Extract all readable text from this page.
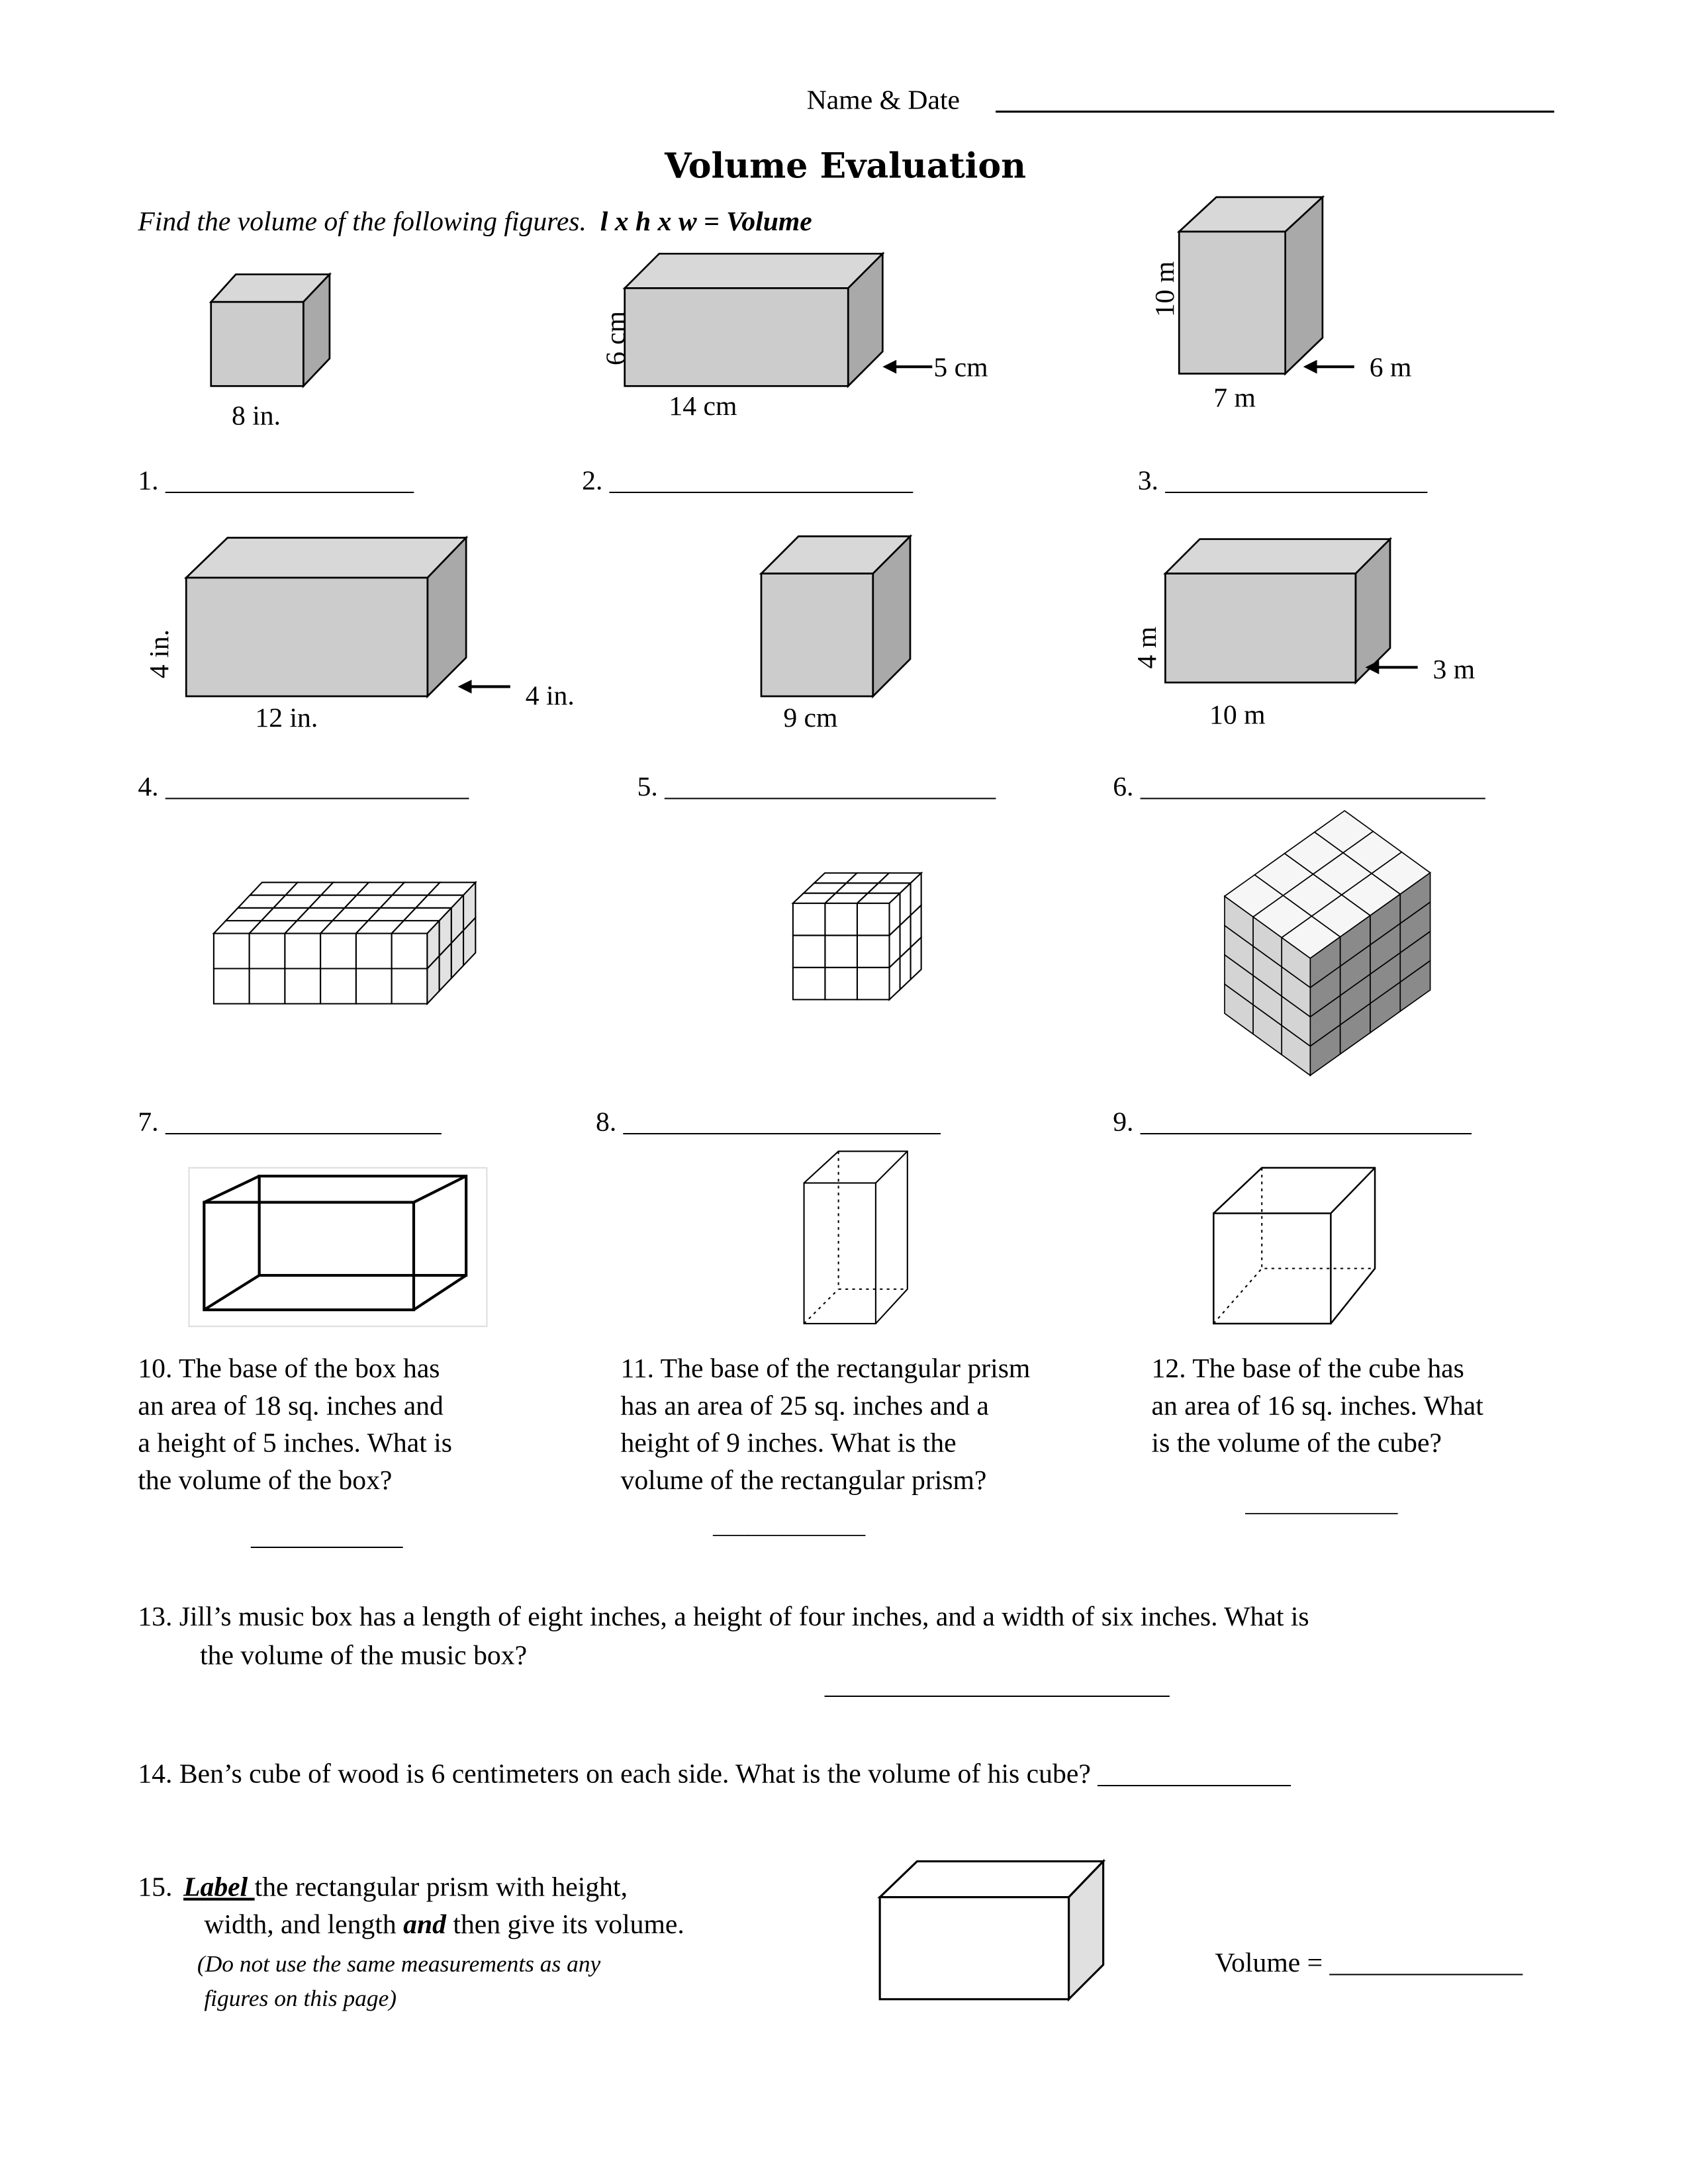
Name & Date
Volume Evaluation
Find the volume of the following figures. l x h x w = Volume
8 in.
6 cm
5 cm
14 cm
10 m
6 m
7 m
1. __________________	2. ______________________	3. ___________________
4 in.
4 in.
12 in.	9 cm
4 m
3 m
10 m
4. ______________________	5. ________________________	6. _________________________
7. ____________________	8. _______________________	9. ________________________
10. The base of the box has
an area of 18 sq. inches and
a height of 5 inches. What is
the volume of the box?
___________
11. The base of the rectangular prism
has an area of 25 sq. inches and a
height of 9 inches. What is the
volume of the rectangular prism?
_____________
12. The base of the cube has
an area of 16 sq. inches. What
is the volume of the cube?
_____________
13. Jill’s music box has a length of eight inches, a height of four inches, and a width of six inches. What is
the volume of the music box?
_________________________
14. Ben’s cube of wood is 6 centimeters on each side. What is the volume of his cube? ______________
15. Label the rectangular prism with height,
width, and length and then give its volume.
(Do not use the same measurements as any
figures on this page)
Volume = ______________
